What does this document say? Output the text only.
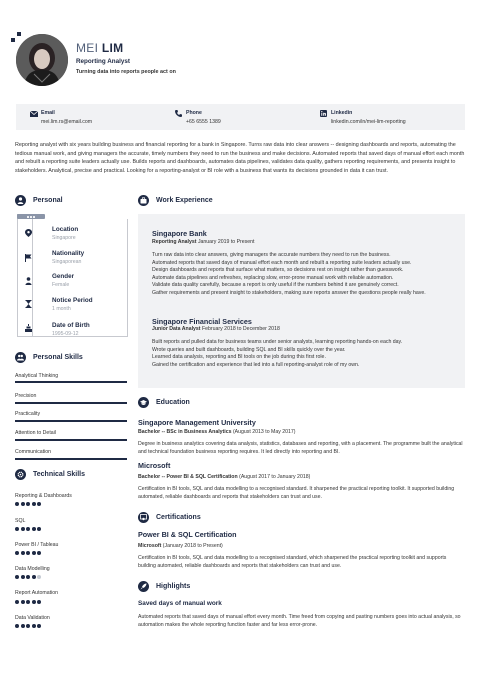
MEI LIM
Reporting Analyst
Turning data into reports people act on
Email
mei.lim.rs@email.com
Phone
+65 6555 1389
Linkedin
linkedin.com/in/mei-lim-reporting
Reporting analyst with six years building business and financial reporting for a bank in Singapore. Turns raw data into clear answers -- designing dashboards and reports, automating the tedious manual work, and giving managers the accurate, timely numbers they need to run the business and make decisions. Automated reports that saved days of manual effort each month and rebuilt a reporting suite leaders actually use. Builds reports and dashboards, automates data pipelines, validates data quality, gathers reporting requirements, and presents insight to stakeholders. Analytical, precise and practical. Looking for a reporting-analyst or BI role with a business that wants its decisions grounded in data it can trust.
Personal
Location
Singapore
Nationality
Singaporean
Gender
Female
Notice Period
1 month
Date of Birth
1995-09-12
Personal Skills
Analytical Thinking
Precision
Practicality
Attention to Detail
Communication
Technical Skills
Reporting & Dashboards
SQL
Power BI / Tableau
Data Modelling
Report Automation
Data Validation
Work Experience
Singapore Bank
Reporting Analyst January 2019 to Present
Turn raw data into clear answers, giving managers the accurate numbers they need to run the business.
Automated reports that saved days of manual effort each month and rebuilt a reporting suite leaders actually use.
Design dashboards and reports that surface what matters, so decisions rest on insight rather than guesswork.
Automate data pipelines and refreshes, replacing slow, error-prone manual work with reliable automation.
Validate data quality carefully, because a report is only useful if the numbers behind it are genuinely correct.
Gather requirements and present insight to stakeholders, making sure reports answer the questions people really have.
Singapore Financial Services
Junior Data Analyst February 2018 to December 2018
Built reports and pulled data for business teams under senior analysts, learning reporting hands-on each day.
Wrote queries and built dashboards, building SQL and BI skills quickly over the year.
Learned data analysis, reporting and BI tools on the job during this first role.
Gained the certification and experience that led into a full reporting-analyst role of my own.
Education
Singapore Management University
Bachelor -- BSc in Business Analytics (August 2013 to May 2017)
Degree in business analytics covering data analysis, statistics, databases and reporting, with a placement. The programme built the analytical and technical foundation business reporting requires. It led directly into reporting and BI.
Microsoft
Bachelor -- Power BI & SQL Certification (August 2017 to January 2018)
Certification in BI tools, SQL and data modelling to a recognised standard. It sharpened the practical reporting toolkit. It supported building automated, reliable dashboards and reports that stakeholders can trust and use.
Certifications
Power BI & SQL Certification
Microsoft (January 2018 to Present)
Certification in BI tools, SQL and data modelling to a recognised standard, which sharpened the practical reporting toolkit and supports building automated, reliable dashboards and reports that stakeholders can trust and use.
Highlights
Saved days of manual work
Automated reports that saved days of manual effort every month. Time freed from copying and pasting numbers goes into actual analysis, so automation makes the whole reporting function faster and far less error-prone.
